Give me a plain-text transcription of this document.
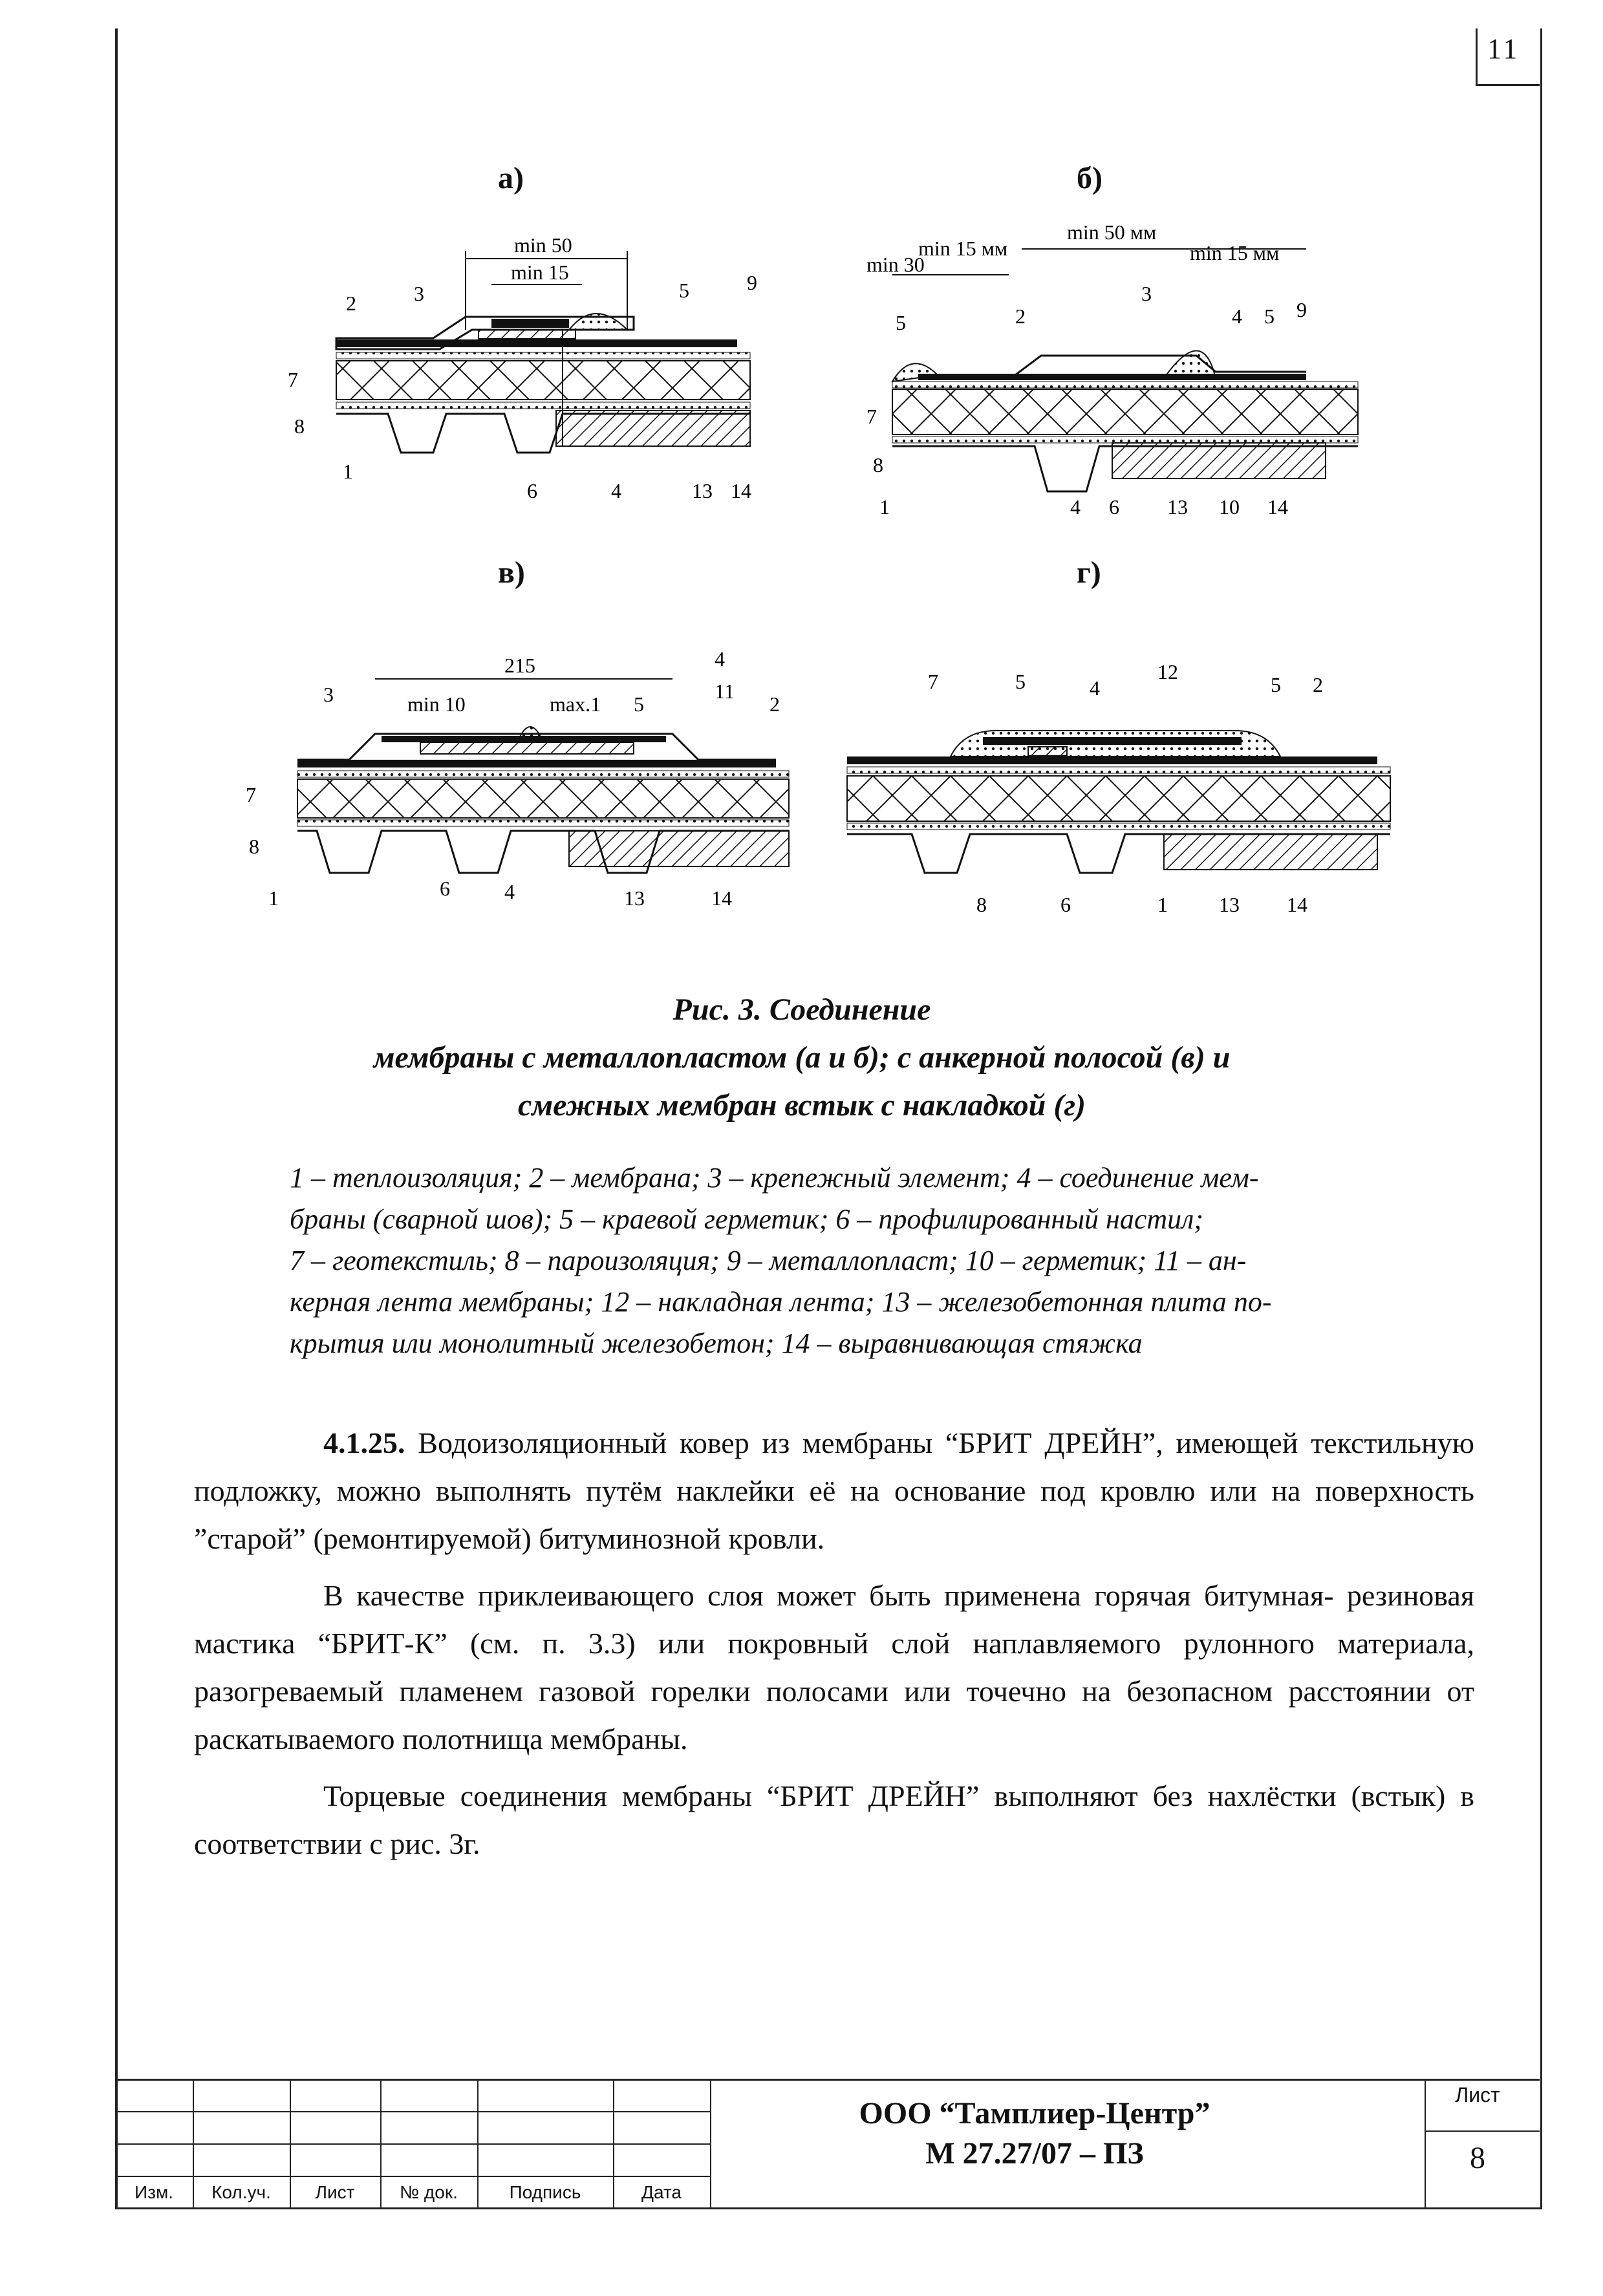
11
а)	б)
в)	г)
min 50
min 15
2	3	5	9
7
8
1
6	4	13 14
min 50 мм
min 15 мм	min 15 мм
min 30
3
2
5	4 5 9
7
8
1	4 6 13 10 14
215
min 10	max.1
3	5
4
11
2
7
8
1	6	4	13	14
7	5	4
12
5 2
8	6	1 13 14
Рис. 3. Соединение
мембраны с металлопластом (а и б); с анкерной полосой (в) и
смежных мембран встык с накладкой (г)
1 – теплоизоляция; 2 – мембрана; 3 – крепежный элемент; 4 – соединение мем-
браны (сварной шов); 5 – краевой герметик; 6 – профилированный настил;
7 – геотекстиль; 8 – пароизоляция; 9 – металлопласт; 10 – герметик; 11 – ан-
керная лента мембраны; 12 – накладная лента; 13 – железобетонная плита по-
крытия или монолитный железобетон; 14 – выравнивающая стяжка

4.1.25. Водоизоляционный ковер из мембраны “БРИТ ДРЕЙН”, имеющей текстильную подложку, можно выполнять путём наклейки её на основание под кровлю или на поверхность ”старой” (ремонтируемой) битуминозной кровли.

В качестве приклеивающего слоя может быть применена горячая битумная- резиновая мастика “БРИТ-К” (см. п. 3.3) или покровный слой наплавляемого рулонного материала, разогреваемый пламенем газовой горелки полосами или точечно на безопасном расстоянии от раскатываемого полотнища мембраны.

Торцевые соединения мембраны “БРИТ ДРЕЙН” выполняют без нахлёстки (встык) в соответствии с рис. 3г.

Изм.	Кол.уч.	Лист	№ док.	Подпись	Дата
ООО “Тамплиер-Центр”
М 27.27/07 – ПЗ
Лист
8
